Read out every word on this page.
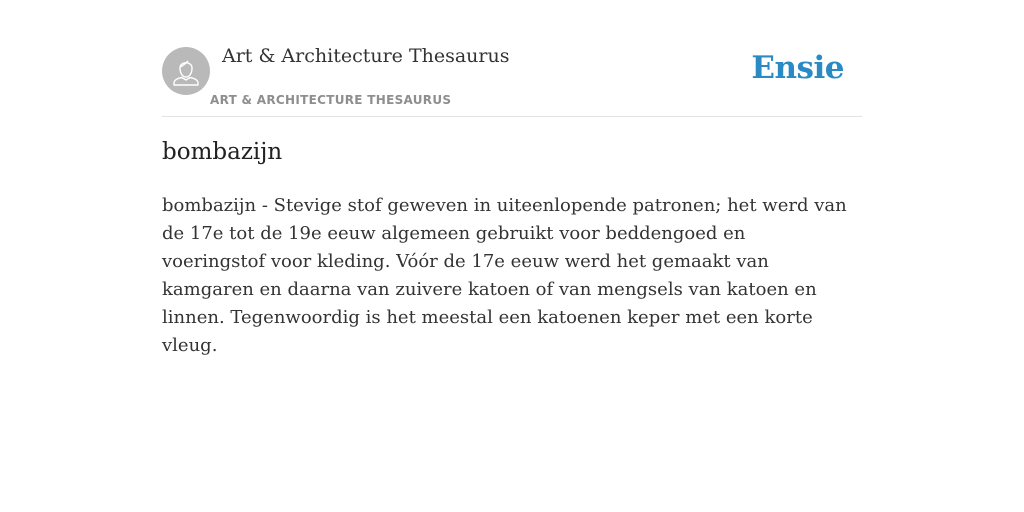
Art & Architecture Thesaurus
ART & ARCHITECTURE THESAURUS
Ensie
bombazijn

bombazijn - Stevige stof geweven in uiteenlopende patronen; het werd van de 17e tot de 19e eeuw algemeen gebruikt voor beddengoed en voeringstof voor kleding. Vóór de 17e eeuw werd het gemaakt van kamgaren en daarna van zuivere katoen of van mengsels van katoen en linnen. Tegenwoordig is het meestal een katoenen keper met een korte vleug.
